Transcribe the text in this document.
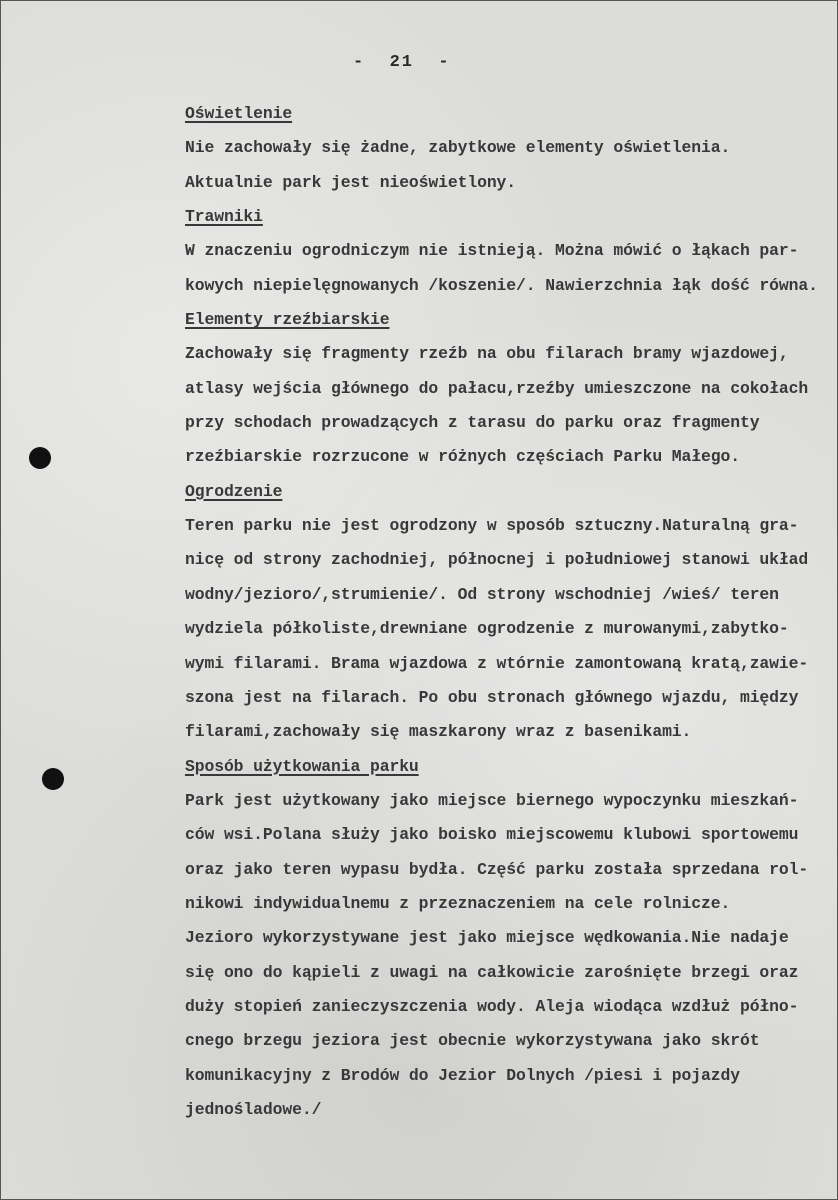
-  21  -
Oświetlenie
Nie zachowały się żadne, zabytkowe elementy oświetlenia.
Aktualnie park jest nieoświetlony.
Trawniki
W znaczeniu ogrodniczym nie istnieją. Można mówić o łąkach par-
kowych niepielęgnowanych /koszenie/. Nawierzchnia łąk dość równa.
Elementy rzeźbiarskie
Zachowały się fragmenty rzeźb na obu filarach bramy wjazdowej,
atlasy wejścia głównego do pałacu,rzeźby umieszczone na cokołach
przy schodach prowadzących z tarasu do parku oraz fragmenty
rzeźbiarskie rozrzucone w różnych częściach Parku Małego.
Ogrodzenie
Teren parku nie jest ogrodzony w sposób sztuczny.Naturalną gra-
nicę od strony zachodniej, północnej i południowej stanowi układ
wodny/jezioro/,strumienie/. Od strony wschodniej /wieś/ teren
wydziela półkoliste,drewniane ogrodzenie z murowanymi,zabytko-
wymi filarami. Brama wjazdowa z wtórnie zamontowaną kratą,zawie-
szona jest na filarach. Po obu stronach głównego wjazdu, między
filarami,zachowały się maszkarony wraz z basenikami.
Sposób użytkowania parku
Park jest użytkowany jako miejsce biernego wypoczynku mieszkań-
ców wsi.Polana służy jako boisko miejscowemu klubowi sportowemu
oraz jako teren wypasu bydła. Część parku została sprzedana rol-
nikowi indywidualnemu z przeznaczeniem na cele rolnicze.
Jezioro wykorzystywane jest jako miejsce wędkowania.Nie nadaje
się ono do kąpieli z uwagi na całkowicie zarośnięte brzegi oraz
duży stopień zanieczyszczenia wody. Aleja wiodąca wzdłuż półno-
cnego brzegu jeziora jest obecnie wykorzystywana jako skrót
komunikacyjny z Brodów do Jezior Dolnych /piesi i pojazdy
jednośladowe./
